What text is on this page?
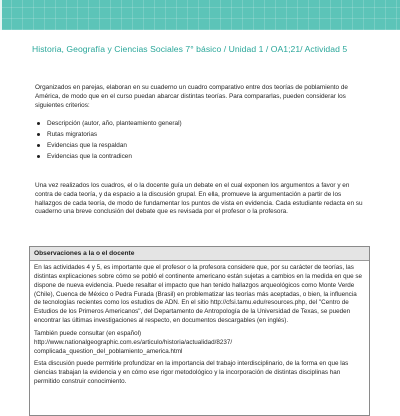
Historia, Geografía y Ciencias Sociales 7° básico / Unidad 1 / OA1;21/ Actividad 5

Organizados en parejas, elaboran en su cuaderno un cuadro comparativo entre dos teorías de poblamiento de América, de modo que en el curso puedan abarcar distintas teorías. Para compararlas, pueden considerar los siguientes criterios:

Descripción (autor, año, planteamiento general)
Rutas migratorias
Evidencias que la respaldan
Evidencias que la contradicen

Una vez realizados los cuadros, el o la docente guía un debate en el cual exponen los argumentos a favor y en contra de cada teoría, y da espacio a la discusión grupal. En ella, promueve la argumentación a partir de los hallazgos de cada teoría, de modo de fundamentar los puntos de vista en evidencia. Cada estudiante redacta en su cuaderno una breve conclusión del debate que es revisada por el profesor o la profesora.

Observaciones a la o el docente

En las actividades 4 y 5, es importante que el profesor o la profesora considere que, por su carácter de teorías, las distintas explicaciones sobre cómo se pobló el continente americano están sujetas a cambios en la medida en que se dispone de nueva evidencia. Puede resaltar el impacto que han tenido hallazgos arqueológicos como Monte Verde (Chile), Cuenca de México o Pedra Furada (Brasil) en problematizar las teorías más aceptadas, o bien, la influencia de tecnologías recientes como los estudios de ADN. En el sitio http://cfsi.tamu.edu/resources.php, del "Centro de Estudios de los Primeros Americanos", del Departamento de Antropología de la Universidad de Texas, se pueden encontrar las últimas investigaciones al respecto, en documentos descargables (en inglés).

También puede consultar (en español)
http://www.nationalgeographic.com.es/articulo/historia/actualidad/8237/
complicada_question_del_poblamiento_america.html

Esta discusión puede permitirle profundizar en la importancia del trabajo interdisciplinario, de la forma en que las ciencias trabajan la evidencia y en cómo ese rigor metodológico y la incorporación de distintas disciplinas han permitido construir conocimiento.
